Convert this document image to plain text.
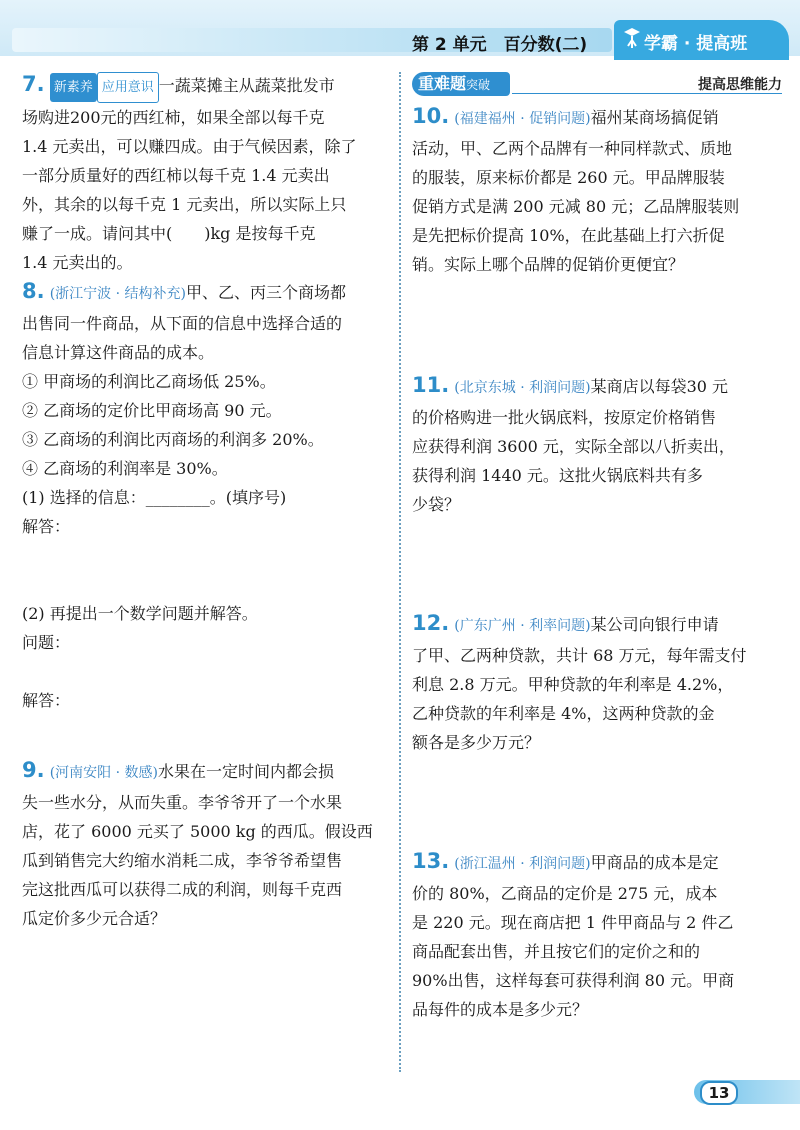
第 2 单元　百分数(二)	学霸 · 提高班

7. 新素养 应用意识 一蔬菜摊主从蔬菜批发市

场购进200元的西红柿，如果全部以每千克

1.4 元卖出，可以赚四成。由于气候因素，除了

一部分质量好的西红柿以每千克 1.4 元卖出

外，其余的以每千克 1 元卖出，所以实际上只

赚了一成。请问其中(　　)kg 是按每千克

1.4 元卖出的。

8. (浙江宁波 · 结构补充)甲、乙、丙三个商场都

出售同一件商品，从下面的信息中选择合适的

信息计算这件商品的成本。

① 甲商场的利润比乙商场低 25%。

② 乙商场的定价比甲商场高 90 元。

③ 乙商场的利润比丙商场的利润多 20%。

④ 乙商场的利润率是 30%。

(1) 选择的信息：________。(填序号)

解答：

(2) 再提出一个数学问题并解答。

问题：

解答：

9. (河南安阳 · 数感)水果在一定时间内都会损

失一些水分，从而失重。李爷爷开了一个水果

店，花了 6000 元买了 5000 kg 的西瓜。假设西

瓜到销售完大约缩水消耗二成，李爷爷希望售

完这批西瓜可以获得二成的利润，则每千克西

瓜定价多少元合适？

重难题突破	提高思维能力

10. (福建福州 · 促销问题)福州某商场搞促销

活动，甲、乙两个品牌有一种同样款式、质地

的服装，原来标价都是 260 元。甲品牌服装

促销方式是满 200 元减 80 元；乙品牌服装则

是先把标价提高 10%，在此基础上打六折促

销。实际上哪个品牌的促销价更便宜？

11. (北京东城 · 利润问题)某商店以每袋30 元

的价格购进一批火锅底料，按原定价格销售

应获得利润 3600 元，实际全部以八折卖出，

获得利润 1440 元。这批火锅底料共有多

少袋？

12. (广东广州 · 利率问题)某公司向银行申请

了甲、乙两种贷款，共计 68 万元，每年需支付

利息 2.8 万元。甲种贷款的年利率是 4.2%，

乙种贷款的年利率是 4%，这两种贷款的金

额各是多少万元？

13. (浙江温州 · 利润问题)甲商品的成本是定

价的 80%，乙商品的定价是 275 元，成本

是 220 元。现在商店把 1 件甲商品与 2 件乙

商品配套出售，并且按它们的定价之和的

90%出售，这样每套可获得利润 80 元。甲商

品每件的成本是多少元？

13
